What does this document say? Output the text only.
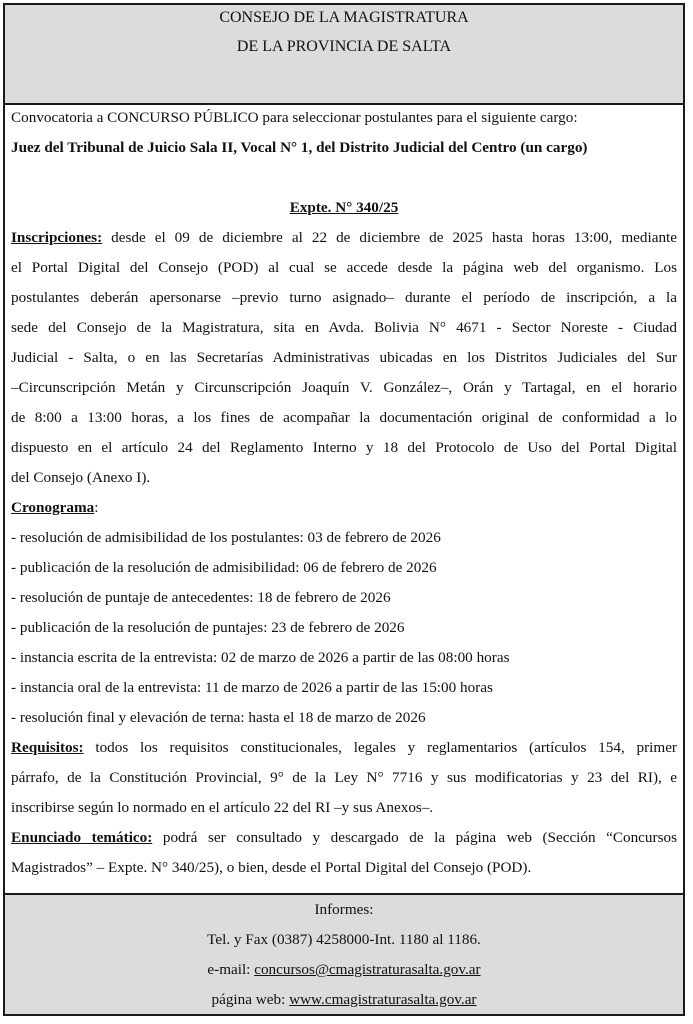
CONSEJO DE LA MAGISTRATURA
DE LA PROVINCIA DE SALTA
Convocatoria a CONCURSO PÚBLICO para seleccionar postulantes para el siguiente cargo:
Juez del Tribunal de Juicio Sala II, Vocal N° 1, del Distrito Judicial del Centro (un cargo)
Expte. N° 340/25
Inscripciones: desde el 09 de diciembre al 22 de diciembre de 2025 hasta horas 13:00, mediante
el Portal Digital del Consejo (POD) al cual se accede desde la página web del organismo. Los
postulantes deberán apersonarse –previo turno asignado– durante el período de inscripción, a la
sede del Consejo de la Magistratura, sita en Avda. Bolivia N° 4671 - Sector Noreste - Ciudad
Judicial - Salta, o en las Secretarías Administrativas ubicadas en los Distritos Judiciales del Sur
–Circunscripción Metán y Circunscripción Joaquín V. González–, Orán y Tartagal, en el horario
de 8:00 a 13:00 horas, a los fines de acompañar la documentación original de conformidad a lo
dispuesto en el artículo 24 del Reglamento Interno y 18 del Protocolo de Uso del Portal Digital
del Consejo (Anexo I).
Cronograma:
- resolución de admisibilidad de los postulantes: 03 de febrero de 2026
- publicación de la resolución de admisibilidad: 06 de febrero de 2026
- resolución de puntaje de antecedentes: 18 de febrero de 2026
- publicación de la resolución de puntajes: 23 de febrero de 2026
- instancia escrita de la entrevista: 02 de marzo de 2026 a partir de las 08:00 horas
- instancia oral de la entrevista: 11 de marzo de 2026 a partir de las 15:00 horas
- resolución final y elevación de terna: hasta el 18 de marzo de 2026
Requisitos: todos los requisitos constitucionales, legales y reglamentarios (artículos 154, primer
párrafo, de la Constitución Provincial, 9° de la Ley N° 7716 y sus modificatorias y 23 del RI), e
inscribirse según lo normado en el artículo 22 del RI –y sus Anexos–.
Enunciado temático: podrá ser consultado y descargado de la página web (Sección “Concursos
Magistrados” – Expte. N° 340/25), o bien, desde el Portal Digital del Consejo (POD).
Informes:
Tel. y Fax (0387) 4258000-Int. 1180 al 1186.
e-mail: concursos@cmagistraturasalta.gov.ar
página web: www.cmagistraturasalta.gov.ar
